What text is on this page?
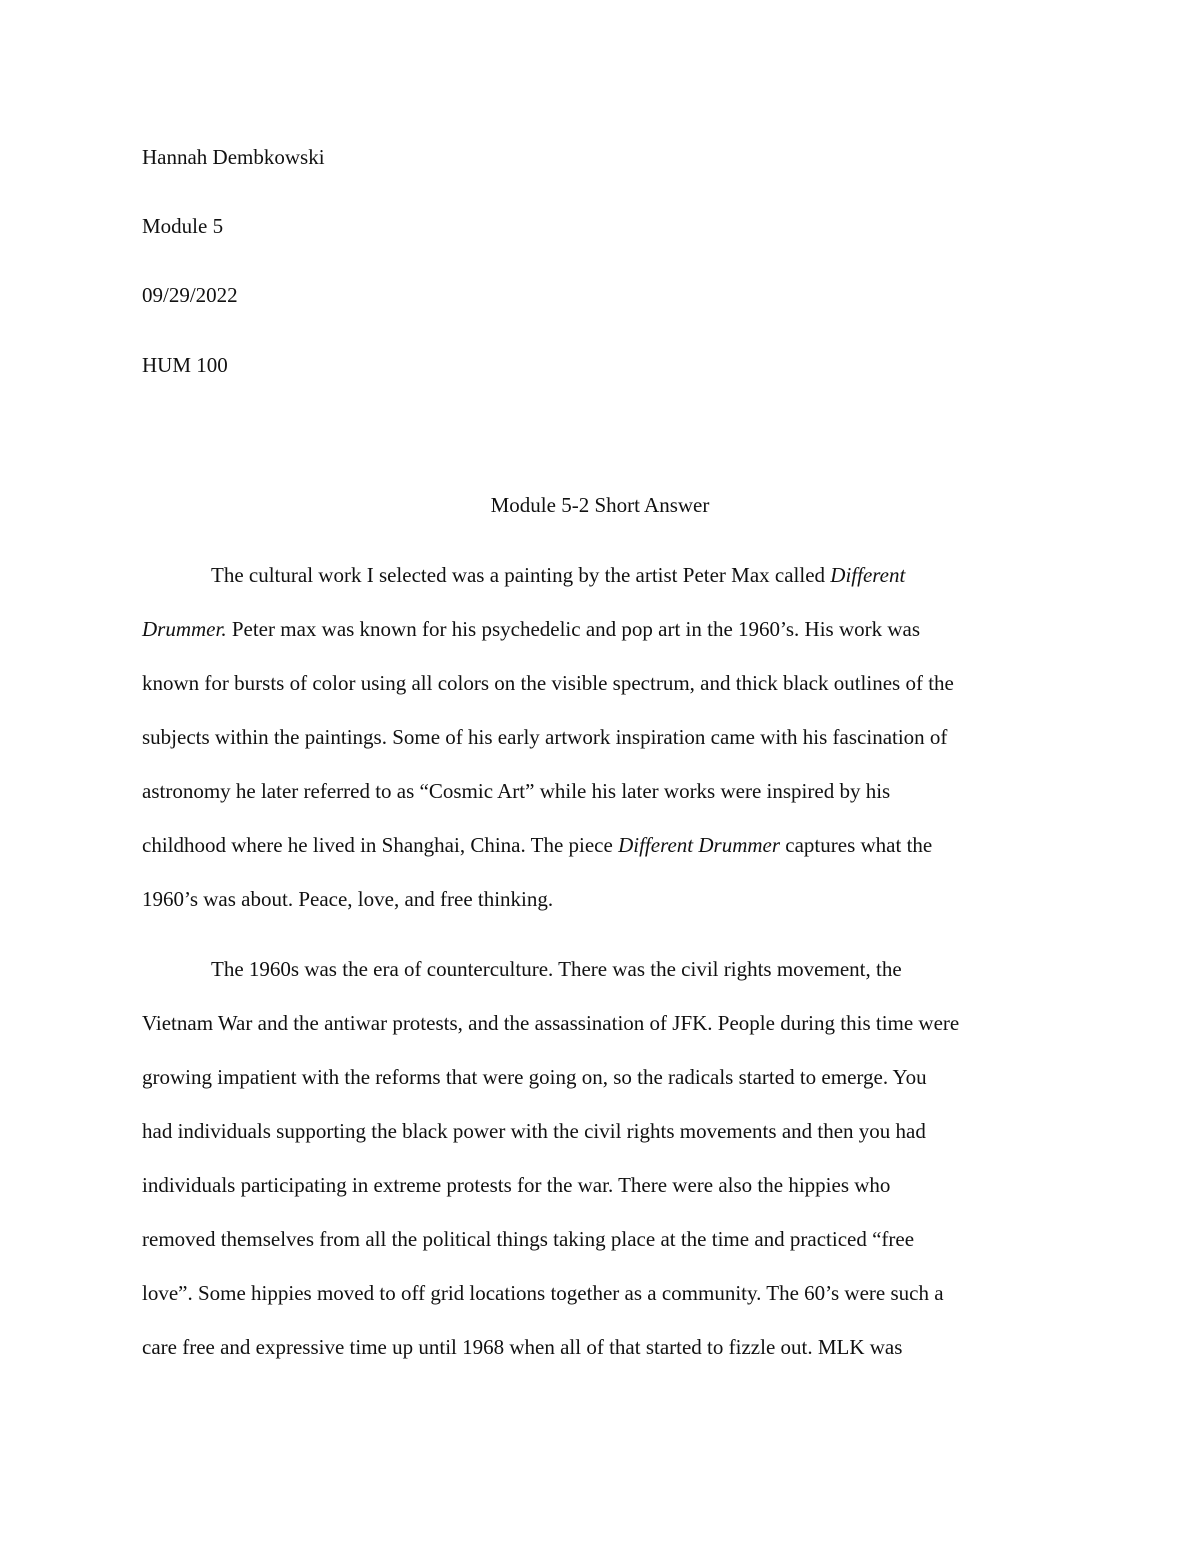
Hannah Dembkowski
Module 5
09/29/2022
HUM 100
Module 5-2 Short Answer
The cultural work I selected was a painting by the artist Peter Max called Different
Drummer. Peter max was known for his psychedelic and pop art in the 1960’s. His work was
known for bursts of color using all colors on the visible spectrum, and thick black outlines of the
subjects within the paintings. Some of his early artwork inspiration came with his fascination of
astronomy he later referred to as “Cosmic Art” while his later works were inspired by his
childhood where he lived in Shanghai, China. The piece Different Drummer captures what the
1960’s was about. Peace, love, and free thinking.
The 1960s was the era of counterculture. There was the civil rights movement, the
Vietnam War and the antiwar protests, and the assassination of JFK. People during this time were
growing impatient with the reforms that were going on, so the radicals started to emerge. You
had individuals supporting the black power with the civil rights movements and then you had
individuals participating in extreme protests for the war. There were also the hippies who
removed themselves from all the political things taking place at the time and practiced “free
love”. Some hippies moved to off grid locations together as a community. The 60’s were such a
care free and expressive time up until 1968 when all of that started to fizzle out. MLK was
